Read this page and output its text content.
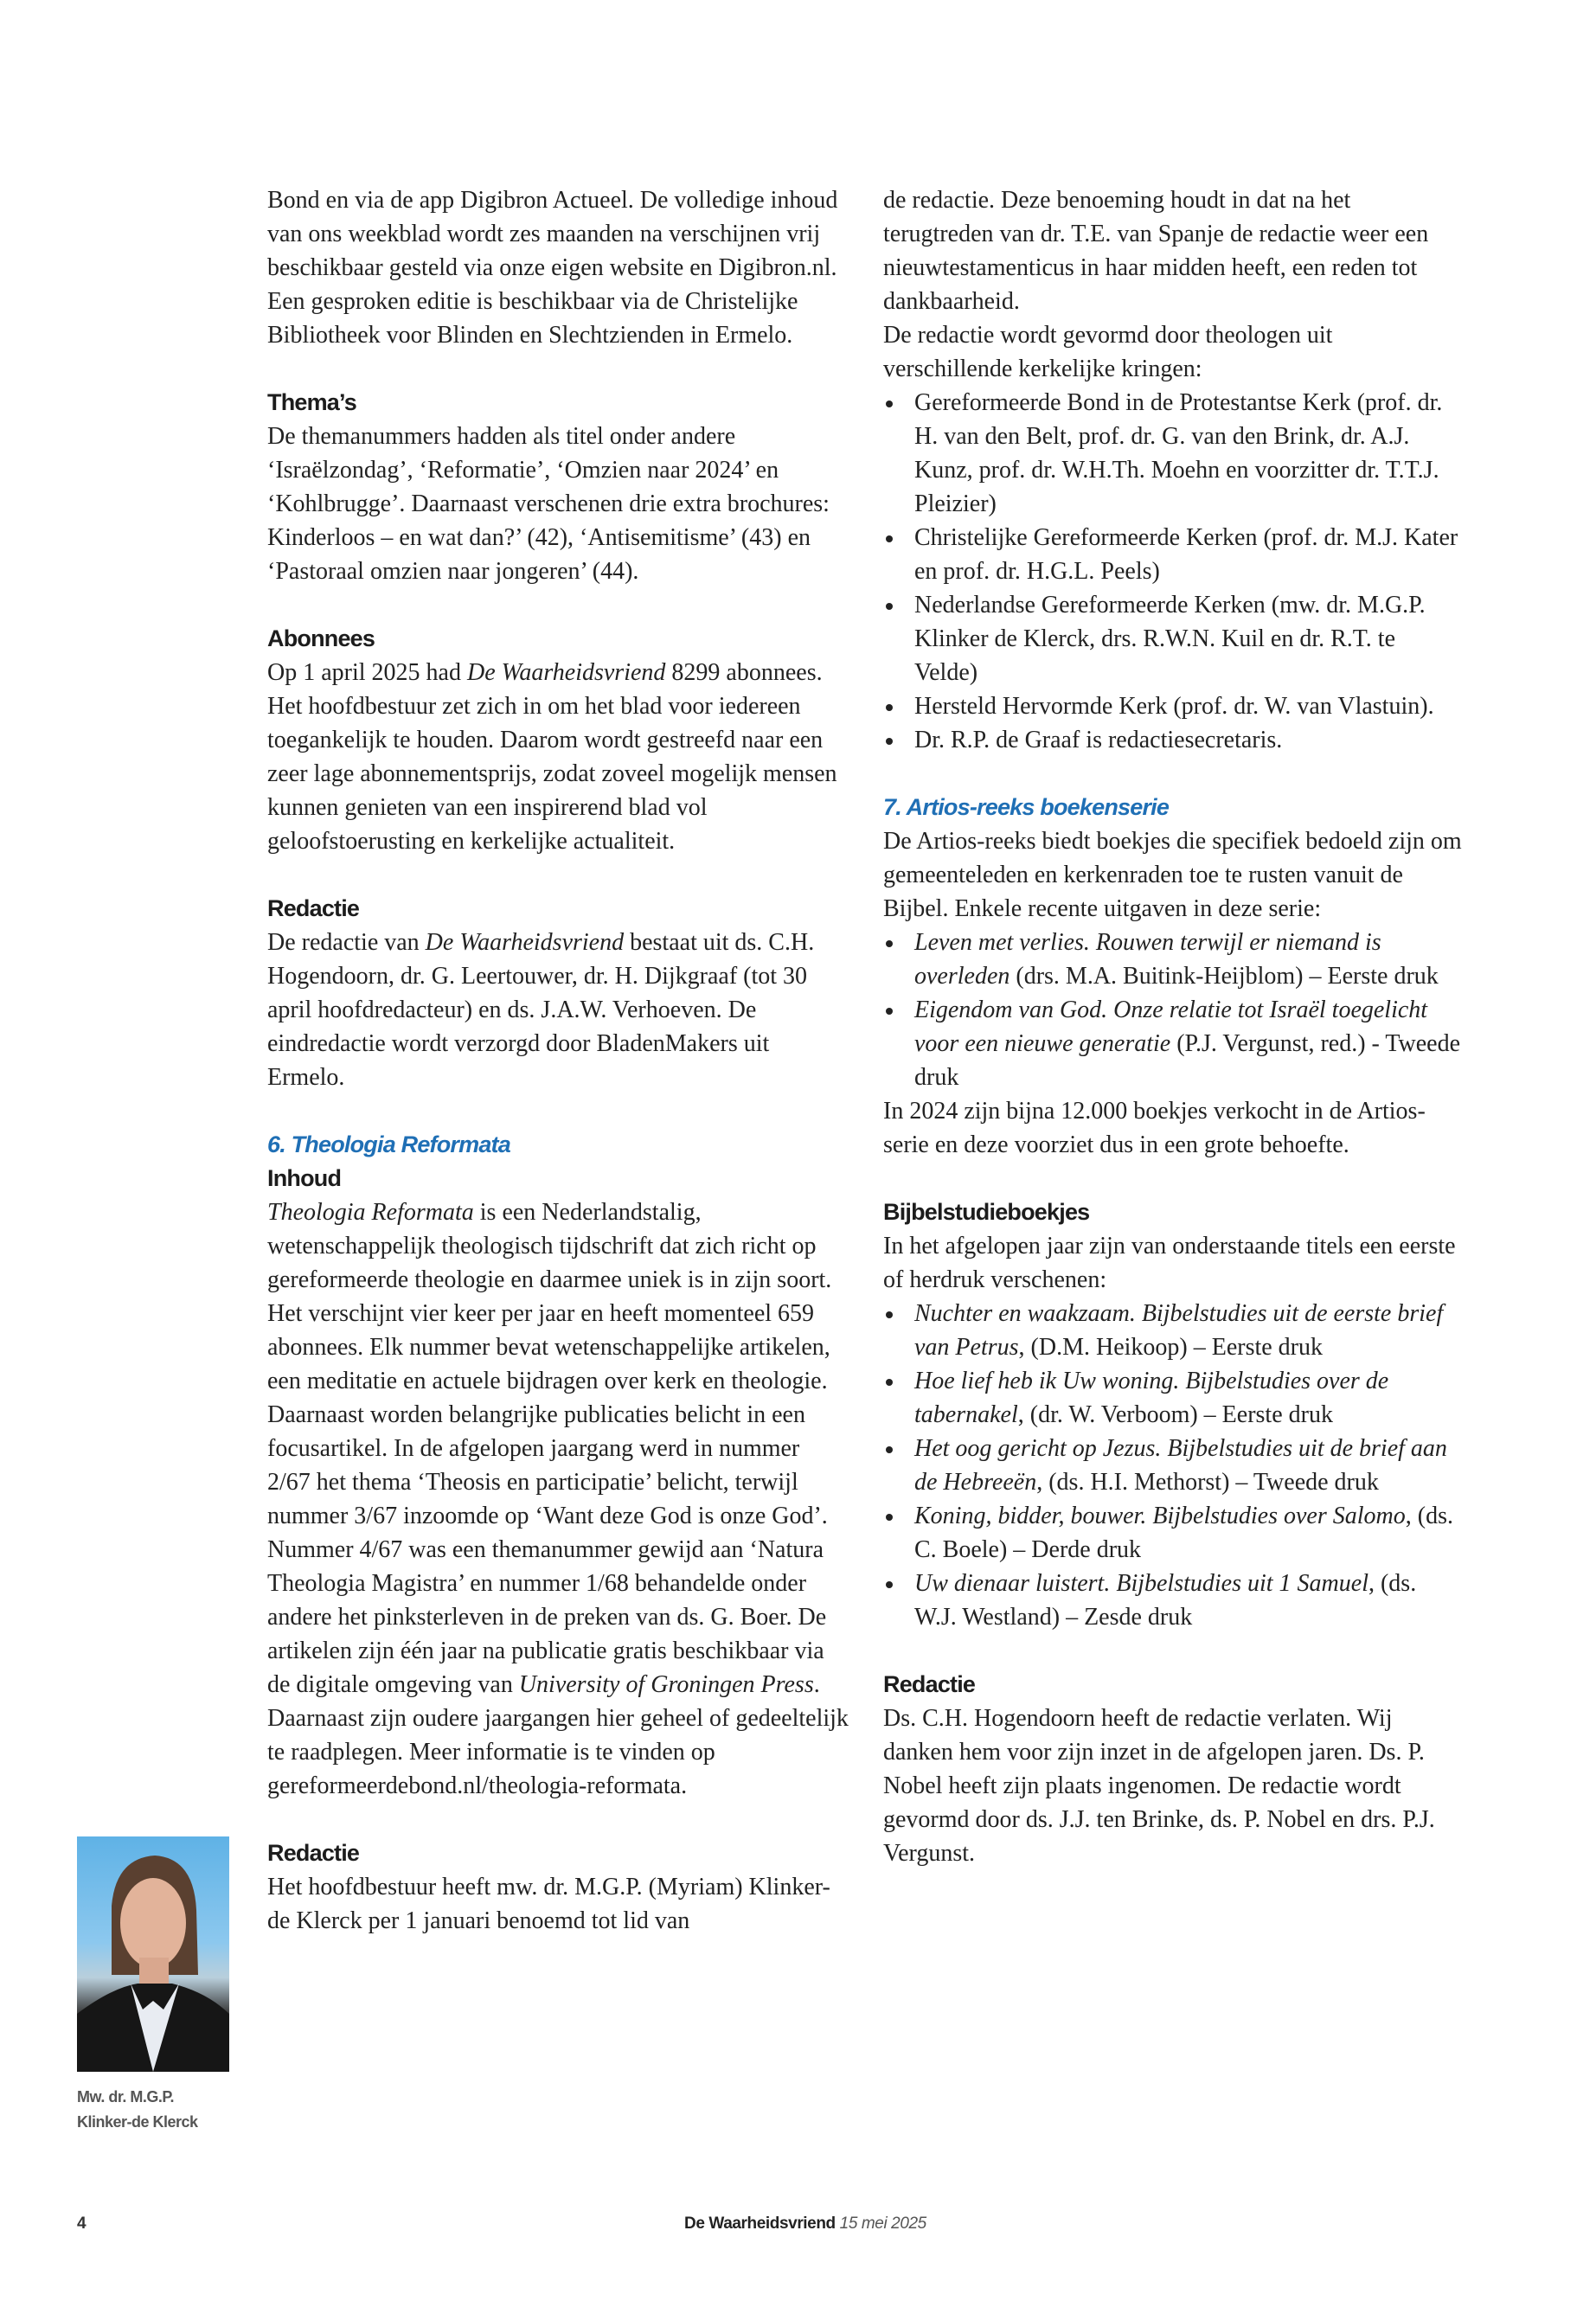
Bond en via de app Digibron Actueel. De volledige inhoud van ons weekblad wordt zes maanden na verschijnen vrij beschikbaar gesteld via onze eigen website en Digibron.nl. Een gesproken editie is beschikbaar via de Christelijke Bibliotheek voor Blinden en Slechtzienden in Ermelo.

Thema’s

De themanummers hadden als titel onder andere ‘Israëlzondag’, ‘Reformatie’, ‘Omzien naar 2024’ en ‘Kohlbrugge’. Daarnaast verschenen drie extra brochures: Kinderloos – en wat dan?’ (42), ‘Antisemitisme’ (43) en ‘Pastoraal omzien naar jongeren’ (44).

Abonnees

Op 1 april 2025 had De Waarheidsvriend 8299 abonnees. Het hoofdbestuur zet zich in om het blad voor iedereen toegankelijk te houden. Daarom wordt gestreefd naar een zeer lage abonnementsprijs, zodat zoveel mogelijk mensen kunnen genieten van een inspirerend blad vol geloofstoerusting en kerkelijke actualiteit.

Redactie

De redactie van De Waarheidsvriend bestaat uit ds. C.H. Hogendoorn, dr. G. Leertouwer, dr. H. Dijkgraaf (tot 30 april hoofdredacteur) en ds. J.A.W. Verhoeven. De eindredactie wordt verzorgd door BladenMakers uit Ermelo.

6. Theologia Reformata
Inhoud

Theologia Reformata is een Nederlandstalig, wetenschappelijk theologisch tijdschrift dat zich richt op gereformeerde theologie en daarmee uniek is in zijn soort. Het verschijnt vier keer per jaar en heeft momenteel 659 abonnees. Elk nummer bevat wetenschappelijke artikelen, een meditatie en actuele bijdragen over kerk en theologie. Daarnaast worden belangrijke publicaties belicht in een focusartikel. In de afgelopen jaargang werd in nummer 2/67 het thema ‘Theosis en participatie’ belicht, terwijl nummer 3/67 inzoomde op ‘Want deze God is onze God’. Nummer 4/67 was een themanummer gewijd aan ‘Natura Theologia Magistra’ en nummer 1/68 behandelde onder andere het pinksterleven in de preken van ds. G. Boer. De artikelen zijn één jaar na publicatie gratis beschikbaar via de digitale omgeving van University of Groningen Press. Daarnaast zijn oudere jaargangen hier geheel of gedeeltelijk te raadplegen. Meer informatie is te vinden op gereformeerdebond.nl/theologia-reformata.

Redactie

Het hoofdbestuur heeft mw. dr. M.G.P. (Myriam) Klinker-de Klerck per 1 januari benoemd tot lid van

de redactie. Deze benoeming houdt in dat na het terugtreden van dr. T.E. van Spanje de redactie weer een nieuwtestamenticus in haar midden heeft, een reden tot dankbaarheid.

De redactie wordt gevormd door theologen uit verschillende kerkelijke kringen:

Gereformeerde Bond in de Protestantse Kerk (prof. dr. H. van den Belt, prof. dr. G. van den Brink, dr. A.J. Kunz, prof. dr. W.H.Th. Moehn en voorzitter dr. T.T.J. Pleizier)
Christelijke Gereformeerde Kerken (prof. dr. M.J. Kater en prof. dr. H.G.L. Peels)
Nederlandse Gereformeerde Kerken (mw. dr. M.G.P. Klinker de Klerck, drs. R.W.N. Kuil en dr. R.T. te Velde)
Hersteld Hervormde Kerk (prof. dr. W. van Vlastuin).
Dr. R.P. de Graaf is redactiesecretaris.
7. Artios-reeks boekenserie

De Artios-reeks biedt boekjes die specifiek bedoeld zijn om gemeenteleden en kerkenraden toe te rusten vanuit de Bijbel. Enkele recente uitgaven in deze serie:

Leven met verlies. Rouwen terwijl er niemand is overleden (drs. M.A. Buitink-Heijblom) – Eerste druk
Eigendom van God. Onze relatie tot Israël toegelicht voor een nieuwe generatie (P.J. Vergunst, red.) - Tweede druk

In 2024 zijn bijna 12.000 boekjes verkocht in de Artios-serie en deze voorziet dus in een grote behoefte.

Bijbelstudieboekjes

In het afgelopen jaar zijn van onderstaande titels een eerste of herdruk verschenen:

Nuchter en waakzaam. Bijbelstudies uit de eerste brief van Petrus, (D.M. Heikoop) – Eerste druk
Hoe lief heb ik Uw woning. Bijbelstudies over de tabernakel, (dr. W. Verboom) – Eerste druk
Het oog gericht op Jezus. Bijbelstudies uit de brief aan de Hebreeën, (ds. H.I. Methorst) – Tweede druk
Koning, bidder, bouwer. Bijbelstudies over Salomo, (ds. C. Boele) – Derde druk
Uw dienaar luistert. Bijbelstudies uit 1 Samuel, (ds. W.J. Westland) – Zesde druk
Redactie

Ds. C.H. Hogendoorn heeft de redactie verlaten. Wij danken hem voor zijn inzet in de afgelopen jaren. Ds. P. Nobel heeft zijn plaats ingenomen. De redactie wordt gevormd door ds. J.J. ten Brinke, ds. P. Nobel en drs. P.J. Vergunst.

Mw. dr. M.G.P.
Klinker-de Klerck
4	De Waarheidsvriend 15 mei 2025
